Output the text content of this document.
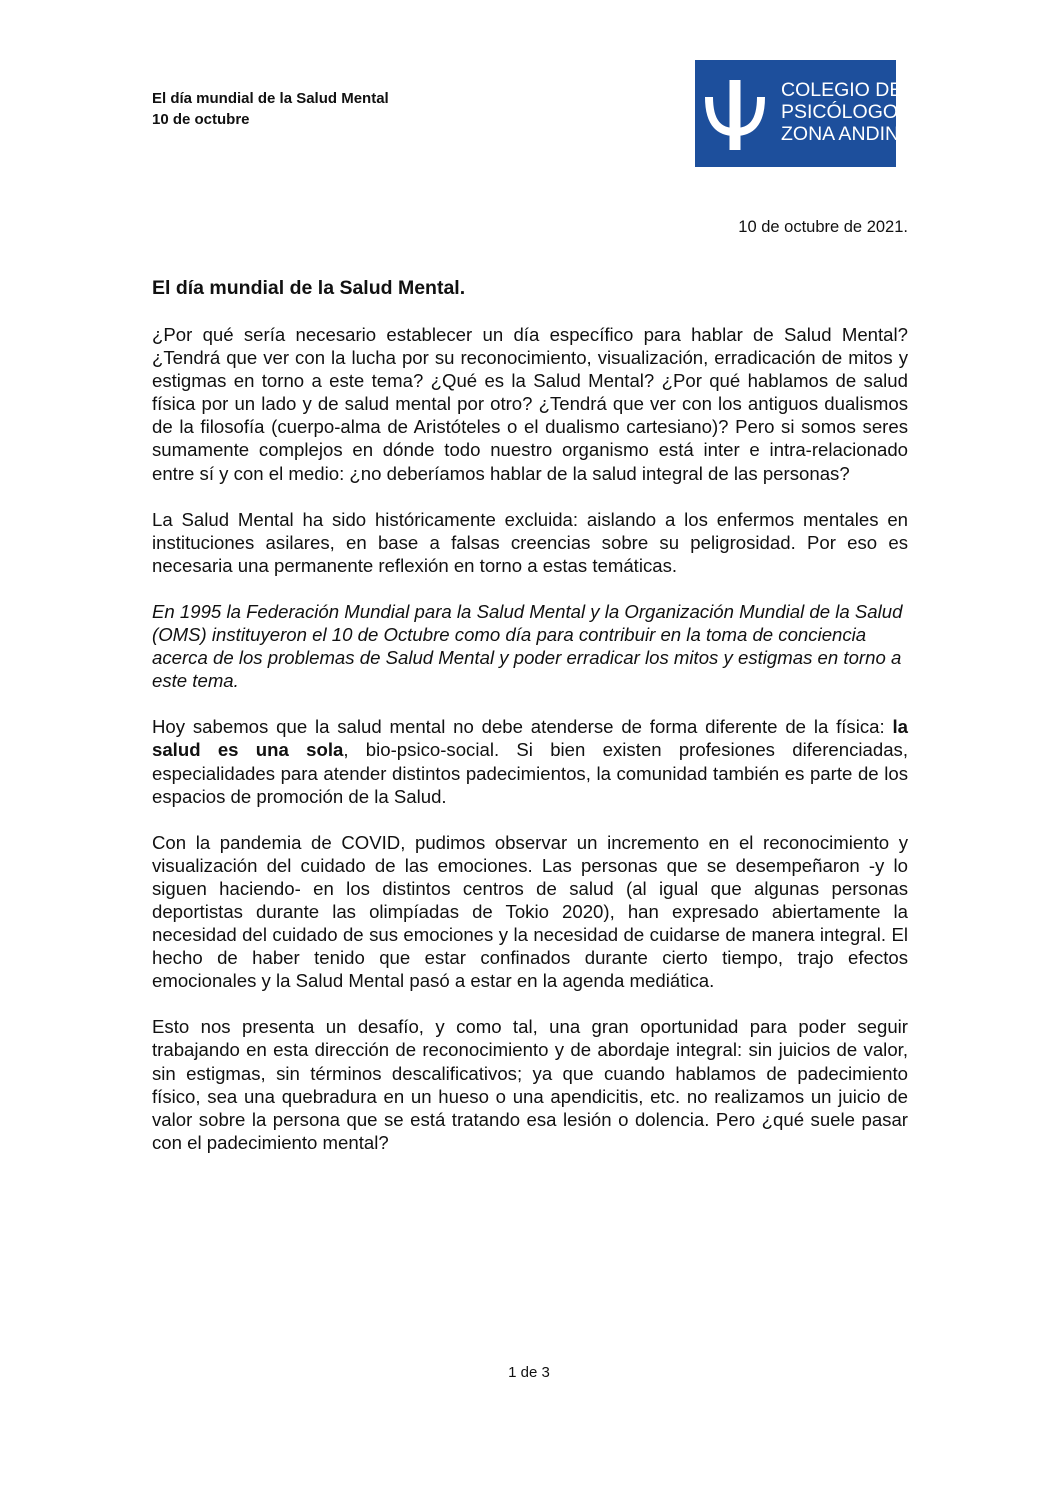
El día mundial de la Salud Mental
10 de octubre
COLEGIO DE
PSICÓLOGOS
ZONA ANDINA
10 de octubre de 2021.
El día mundial de la Salud Mental.

¿Por qué sería necesario establecer un día específico para hablar de Salud Mental? ¿Tendrá que ver con la lucha por su reconocimiento, visualización, erradicación de mitos y estigmas en torno a este tema? ¿Qué es la Salud Mental? ¿Por qué hablamos de salud física por un lado y de salud mental por otro? ¿Tendrá que ver con los antiguos dualismos de la filosofía (cuerpo-alma de Aristóteles o el dualismo cartesiano)? Pero si somos seres sumamente complejos en dónde todo nuestro organismo está inter e intra-relacionado entre sí y con el medio: ¿no deberíamos hablar de la salud integral de las personas?

La Salud Mental ha sido históricamente excluida: aislando a los enfermos mentales en instituciones asilares, en base a falsas creencias sobre su peligrosidad. Por eso es necesaria una permanente reflexión en torno a estas temáticas.

En 1995 la Federación Mundial para la Salud Mental y la Organización Mundial de la Salud (OMS) instituyeron el 10 de Octubre como día para contribuir en la toma de conciencia acerca de los problemas de Salud Mental y poder erradicar los mitos y estigmas en torno a este tema.

Hoy sabemos que la salud mental no debe atenderse de forma diferente de la física: la salud es una sola, bio-psico-social. Si bien existen profesiones diferenciadas, especialidades para atender distintos padecimientos, la comunidad también es parte de los espacios de promoción de la Salud.

Con la pandemia de COVID, pudimos observar un incremento en el reconocimiento y visualización del cuidado de las emociones. Las personas que se desempeñaron -y lo siguen haciendo- en los distintos centros de salud (al igual que algunas personas deportistas durante las olimpíadas de Tokio 2020), han expresado abiertamente la necesidad del cuidado de sus emociones y la necesidad de cuidarse de manera integral. El hecho de haber tenido que estar confinados durante cierto tiempo, trajo efectos emocionales y la Salud Mental pasó a estar en la agenda mediática.

Esto nos presenta un desafío, y como tal, una gran oportunidad para poder seguir trabajando en esta dirección de reconocimiento y de abordaje integral: sin juicios de valor, sin estigmas, sin términos descalificativos; ya que cuando hablamos de padecimiento físico, sea una quebradura en un hueso o una apendicitis, etc. no realizamos un juicio de valor sobre la persona que se está tratando esa lesión o dolencia. Pero ¿qué suele pasar con el padecimiento mental?

1 de 3
